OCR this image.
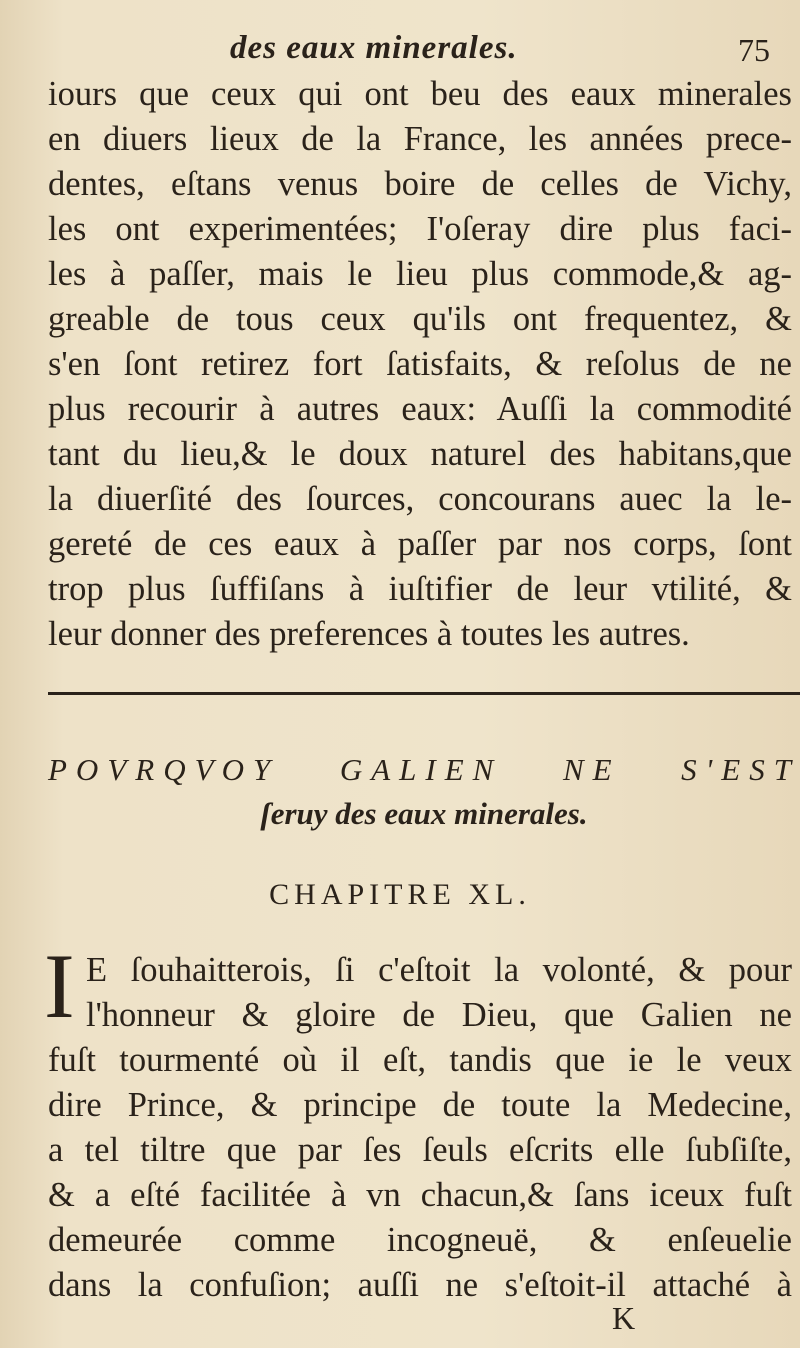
des eaux minerales.	75
iours que ceux qui ont beu des eaux minerales
en diuers lieux de la France, les années prece-
dentes, eſtans venus boire de celles de Vichy,
les ont experimentées; I'oſeray dire plus faci-
les à paſſer, mais le lieu plus commode,& ag-
greable de tous ceux qu'ils ont frequentez, &
s'en ſont retirez fort ſatisfaits, & reſolus de ne
plus recourir à autres eaux: Auſſi la commodité
tant du lieu,& le doux naturel des habitans,que
la diuerſité des ſources, concourans auec la le-
gereté de ces eaux à paſſer par nos corps, ſont
trop plus ſuffiſans à iuſtifier de leur vtilité, &
leur donner des preferences à toutes les autres.
POVRQVOY GALIEN NE S'EST
ſeruy des eaux minerales.
CHAPITRE XL.
I E ſouhaitterois, ſi c'eſtoit la volonté, & pour
l'honneur & gloire de Dieu, que Galien ne
fuſt tourmenté où il eſt, tandis que ie le veux
dire Prince, & principe de toute la Medecine,
a tel tiltre que par ſes ſeuls eſcrits elle ſubſiſte,
& a eſté facilitée à vn chacun,& ſans iceux fuſt
demeurée comme incogneuë, & enſeuelie
dans la confuſion; auſſi ne s'eſtoit-il attaché à
K
